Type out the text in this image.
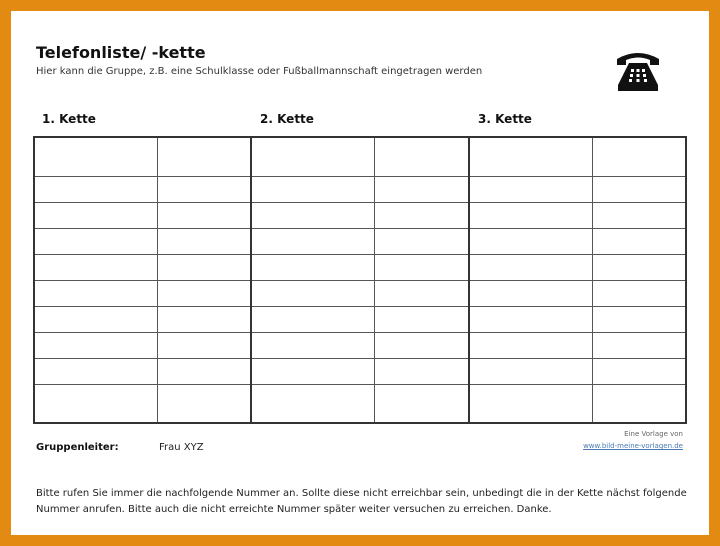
Telefonliste/ -kette
Hier kann die Gruppe, z.B. eine Schulklasse oder Fußballmannschaft eingetragen werden
1. Kette	2. Kette	3. Kette

Eine Vorlage von
www.bild-meine-vorlagen.de
Gruppenleiter:	Frau XYZ
Bitte rufen Sie immer die nachfolgende Nummer an. Sollte diese nicht erreichbar sein, unbedingt die in der Kette nächst folgende Nummer anrufen. Bitte auch die nicht erreichte Nummer später weiter versuchen zu erreichen. Danke.
